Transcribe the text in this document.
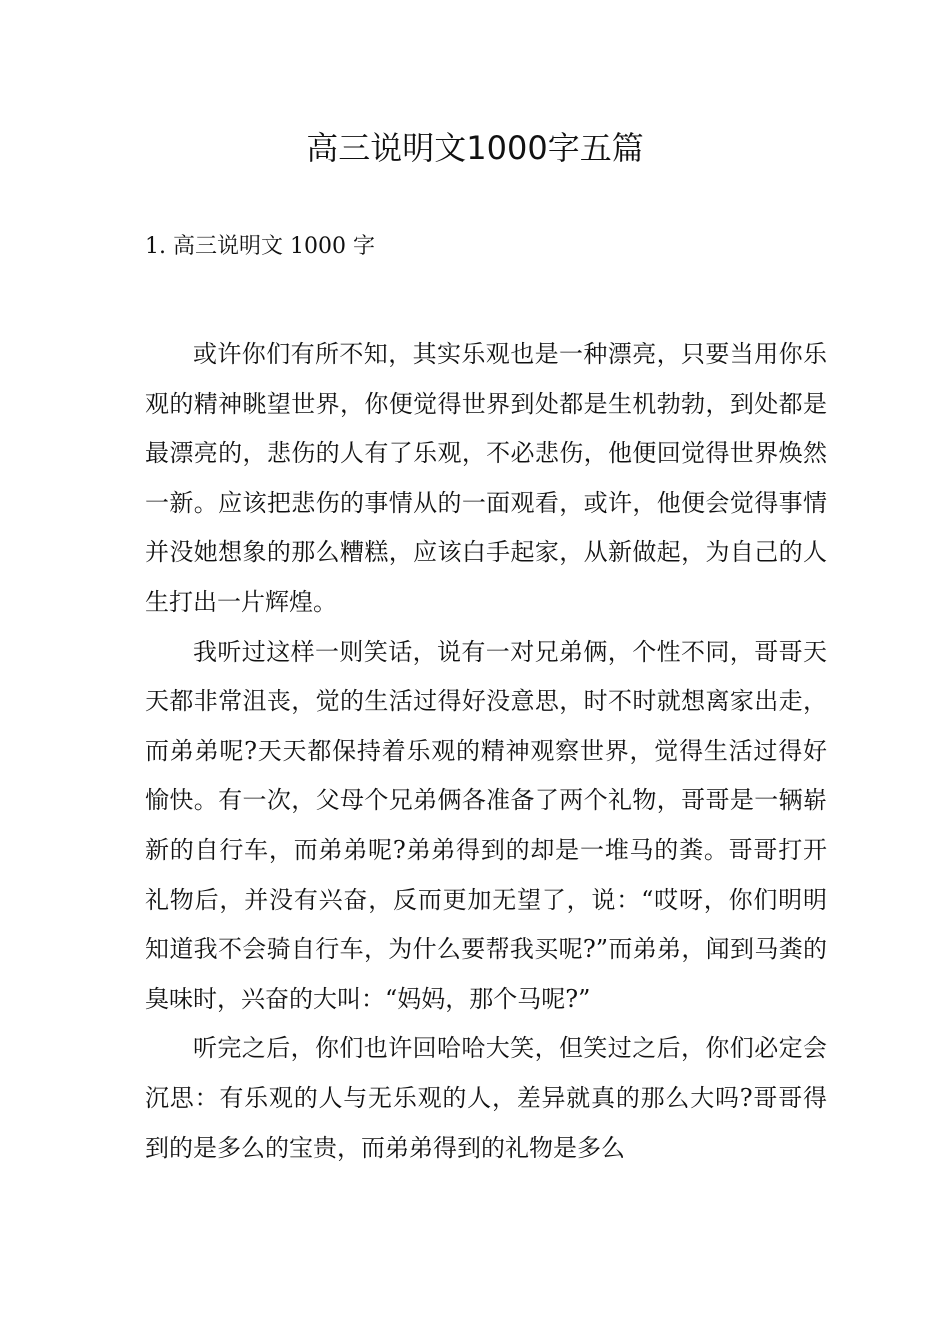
高三说明文1000字五篇
1. 高三说明文 1000 字

或许你们有所不知，其实乐观也是一种漂亮，只要当用你乐观的精神眺望世界，你便觉得世界到处都是生机勃勃，到处都是最漂亮的，悲伤的人有了乐观，不必悲伤，他便回觉得世界焕然一新。应该把悲伤的事情从的一面观看，或许，他便会觉得事情并没她想象的那么糟糕，应该白手起家，从新做起，为自己的人生打出一片辉煌。

我听过这样一则笑话，说有一对兄弟俩，个性不同，哥哥天天都非常沮丧，觉的生活过得好没意思，时不时就想离家出走，而弟弟呢?天天都保持着乐观的精神观察世界，觉得生活过得好愉快。有一次，父母个兄弟俩各准备了两个礼物，哥哥是一辆崭新的自行车，而弟弟呢?弟弟得到的却是一堆马的粪。哥哥打开礼物后，并没有兴奋，反而更加无望了，说：“哎呀，你们明明知道我不会骑自行车，为什么要帮我买呢?”而弟弟，闻到马粪的臭味时，兴奋的大叫：“妈妈，那个马呢?”

听完之后，你们也许回哈哈大笑，但笑过之后，你们必定会沉思：有乐观的人与无乐观的人，差异就真的那么大吗?哥哥得到的是多么的宝贵，而弟弟得到的礼物是多么
